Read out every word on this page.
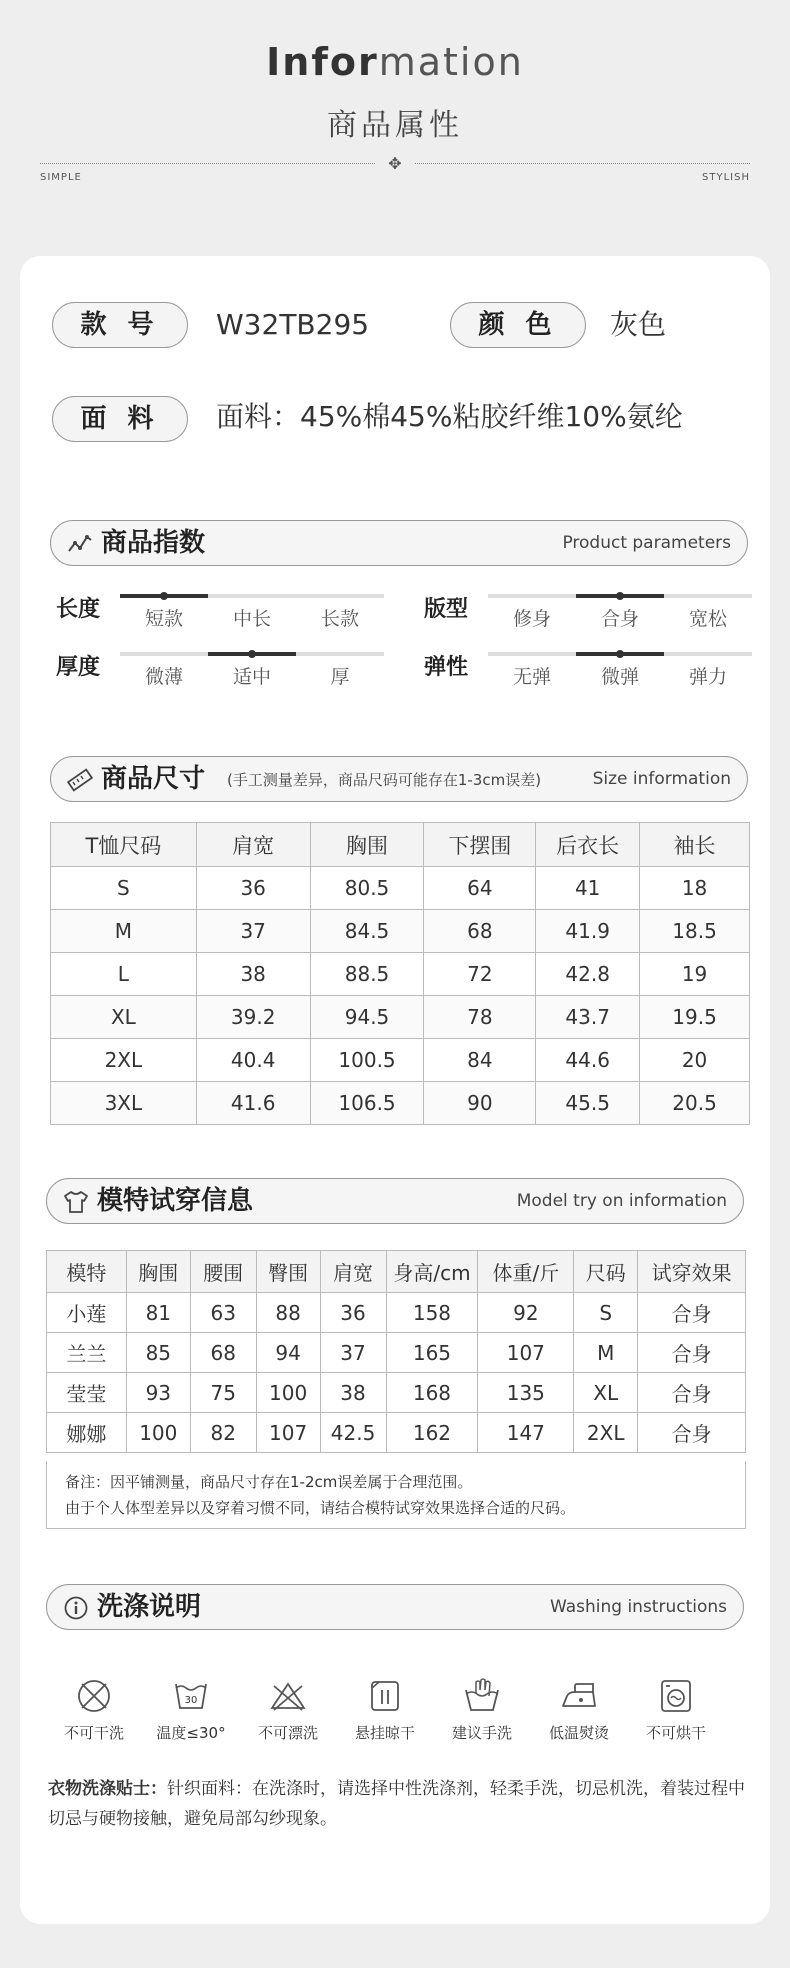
Information
商品属性
✥
SIMPLE	STYLISH
款 号	W32TB295	颜 色	灰色
面 料	面料：45%棉45%粘胶纤维10%氨纶
商品指数	Product parameters
长度	短款	中长	长款	版型	修身	合身	宽松
厚度	微薄	适中	厚	弹性	无弹	微弹	弹力
商品尺寸 (手工测量差异，商品尺码可能存在1-3cm误差)	Size information
T恤尺码	肩宽	胸围	下摆围	后衣长	袖长
S	36	80.5	64	41	18
M	37	84.5	68	41.9	18.5
L	38	88.5	72	42.8	19
XL	39.2	94.5	78	43.7	19.5
2XL	40.4	100.5	84	44.6	20
3XL	41.6	106.5	90	45.5	20.5
模特试穿信息	Model try on information
模特	胸围	腰围	臀围	肩宽	身高/cm	体重/斤	尺码	试穿效果
小莲	81	63	88	36	158	92	S	合身
兰兰	85	68	94	37	165	107	M	合身
莹莹	93	75	100	38	168	135	XL	合身
娜娜	100	82	107	42.5	162	147	2XL	合身
备注：因平铺测量，商品尺寸存在1-2cm误差属于合理范围。
由于个人体型差异以及穿着习惯不同，请结合模特试穿效果选择合适的尺码。
洗涤说明	Washing instructions
不可干洗
30
温度≤30°	不可漂洗	悬挂晾干	建议手洗	低温熨烫	不可烘干
衣物洗涤贴士：针织面料：在洗涤时，请选择中性洗涤剂，轻柔手洗，切忌机洗，着装过程中切忌与硬物接触，避免局部勾纱现象。
